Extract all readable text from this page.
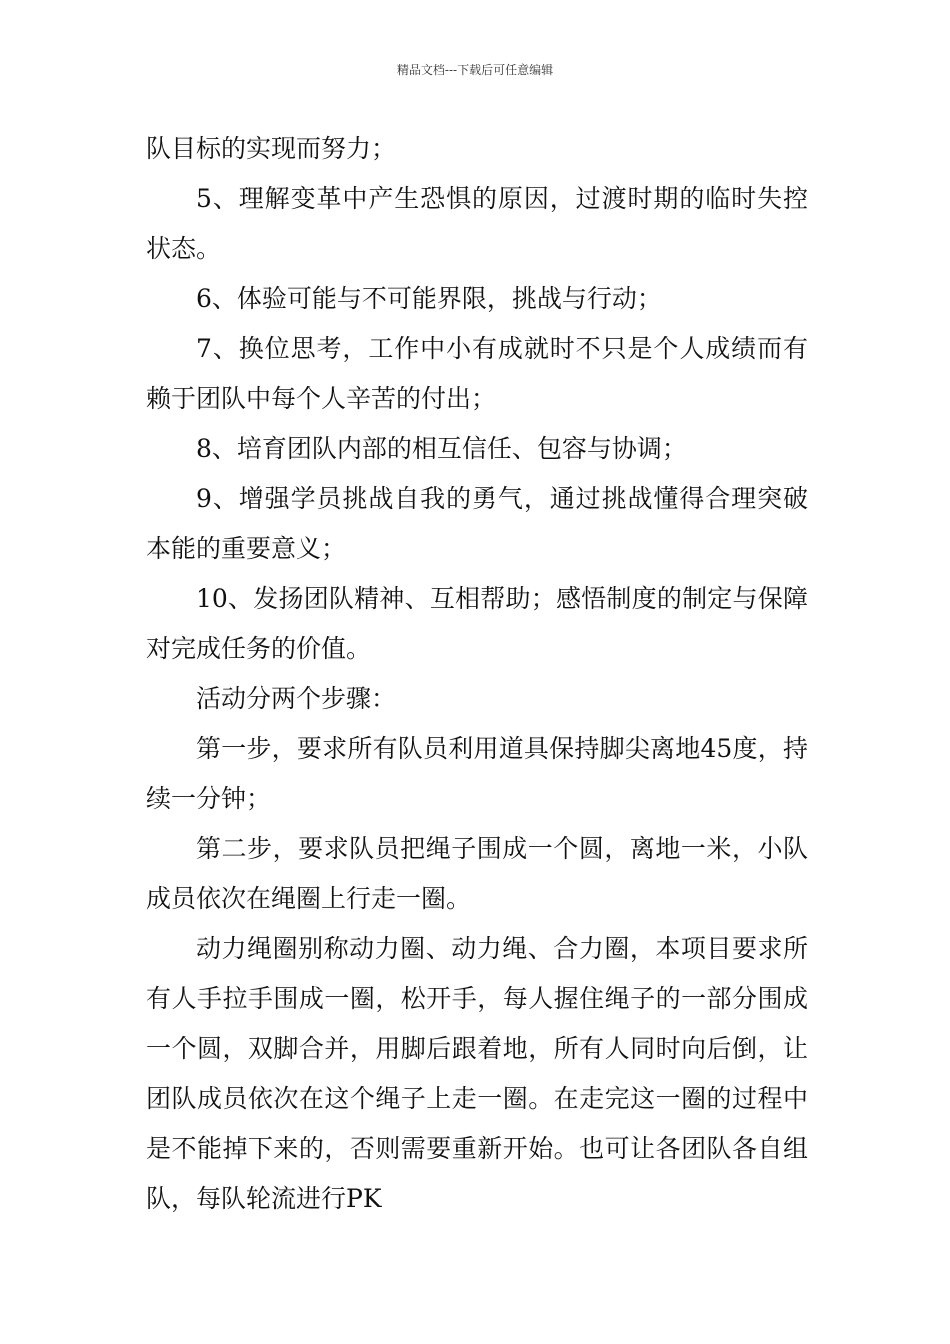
精品文档---下载后可任意编辑

队目标的实现而努力；

5、理解变革中产生恐惧的原因，过渡时期的临时失控状态。

6、体验可能与不可能界限，挑战与行动；

7、换位思考，工作中小有成就时不只是个人成绩而有赖于团队中每个人辛苦的付出；

8、培育团队内部的相互信任、包容与协调；

9、增强学员挑战自我的勇气，通过挑战懂得合理突破本能的重要意义；

10、发扬团队精神、互相帮助；感悟制度的制定与保障对完成任务的价值。

活动分两个步骤：

第一步，要求所有队员利用道具保持脚尖离地45度，持续一分钟；

第二步，要求队员把绳子围成一个圆，离地一米，小队成员依次在绳圈上行走一圈。

动力绳圈别称动力圈、动力绳、合力圈，本项目要求所有人手拉手围成一圈，松开手，每人握住绳子的一部分围成一个圆，双脚合并，用脚后跟着地，所有人同时向后倒，让团队成员依次在这个绳子上走一圈。在走完这一圈的过程中是不能掉下来的，否则需要重新开始。也可让各团队各自组队，每队轮流进行PK
